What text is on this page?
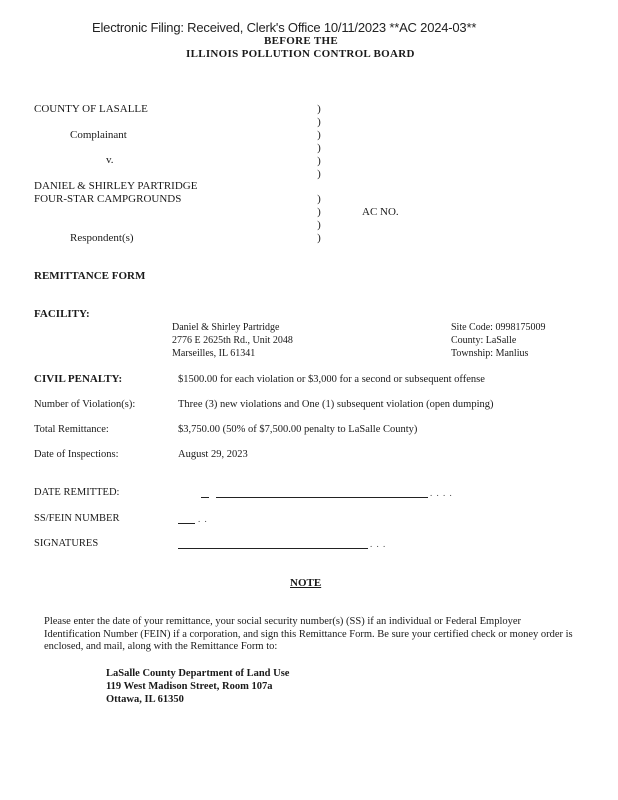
Electronic Filing: Received, Clerk's Office 10/11/2023 **AC 2024-03**
BEFORE THE
ILLINOIS POLLUTION CONTROL BOARD
COUNTY OF LASALLE
Complainant
v.
DANIEL & SHIRLEY PARTRIDGE
FOUR-STAR CAMPGROUNDS
Respondent(s)
AC NO.
)
)
)
)
)
)
)
)
)
)
REMITTANCE FORM
FACILITY:
Daniel & Shirley Partridge
2776 E 2625th Rd., Unit 2048
Marseilles, IL 61341
Site Code: 0998175009
County: LaSalle
Township: Manlius
CIVIL PENALTY:	$1500.00 for each violation or $3,000 for a second or subsequent offense
Number of Violation(s):	Three (3) new violations and One (1) subsequent violation (open dumping)
Total Remittance:	$3,750.00 (50% of $7,500.00 penalty to LaSalle County)
Date of Inspections:	August 29, 2023
DATE REMITTED:	. . . .
SS/FEIN NUMBER	. .
SIGNATURES	. . .
NOTE
Please enter the date of your remittance, your social security number(s) (SS) if an individual or Federal Employer Identification Number (FEIN) if a corporation, and sign this Remittance Form. Be sure your certified check or money order is enclosed, and mail, along with the Remittance Form to:
LaSalle County Department of Land Use
119 West Madison Street, Room 107a
Ottawa, IL 61350
